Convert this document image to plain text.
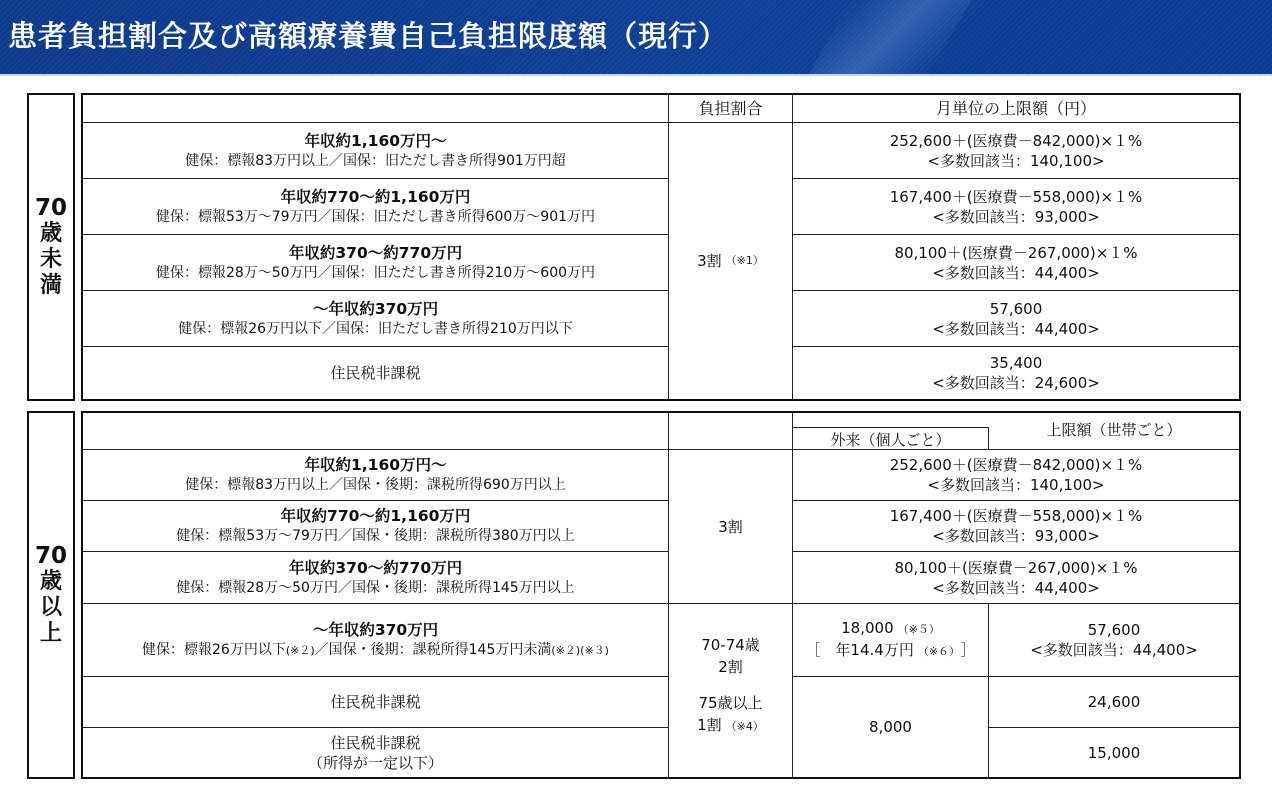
患者負担割合及び高額療養費自己負担限度額（現行）
70
歳
未
満
負担割合	月単位の上限額（円）
年収約1,160万円～
健保：標報83万円以上／国保：旧ただし書き所得901万円超
年収約770～約1,160万円
健保：標報53万～79万円／国保：旧ただし書き所得600万～901万円
年収約370～約770万円
健保：標報28万～50万円／国保：旧ただし書き所得210万～600万円
～年収約370万円
健保：標報26万円以下／国保：旧ただし書き所得210万円以下
住民税非課税
3割 （※1）
252,600＋(医療費－842,000)×１%
<多数回該当：140,100>
167,400＋(医療費－558,000)×１%
<多数回該当：93,000>
80,100＋(医療費－267,000)×１%
<多数回該当：44,400>
57,600
<多数回該当：44,400>
35,400
<多数回該当：24,600>
70
歳
以
上
外来（個人ごと）
上限額（世帯ごと）
年収約1,160万円～
健保：標報83万円以上／国保・後期：課税所得690万円以上
年収約770～約1,160万円
健保：標報53万～79万円／国保・後期：課税所得380万円以上
年収約370～約770万円
健保：標報28万～50万円／国保・後期：課税所得145万円以上
3割
252,600＋(医療費－842,000)×１%
<多数回該当：140,100>
167,400＋(医療費－558,000)×１%
<多数回該当：93,000>
80,100＋(医療費－267,000)×１%
<多数回該当：44,400>
～年収約370万円
健保：標報26万円以下(※２)／国保・後期：課税所得145万円未満(※２)(※３)
住民税非課税
住民税非課税
（所得が一定以下）
70-74歳
2割
75歳以上
1割 （※4）
18,000 （※５）
［　年14.4万円 （※６） ］
57,600
<多数回該当：44,400>
8,000
24,600
15,000
